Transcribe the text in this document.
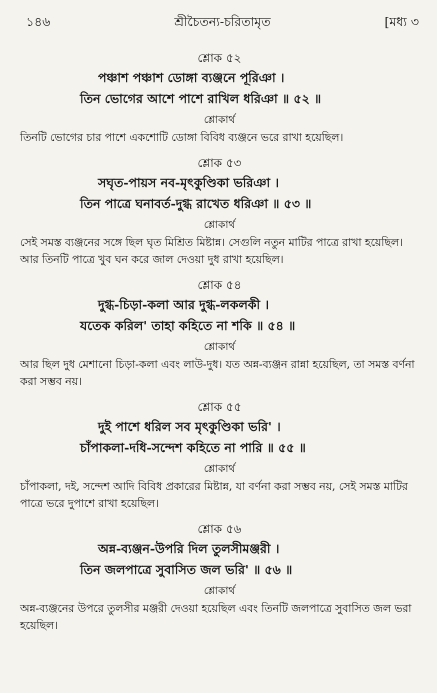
১৪৬	শ্রীচৈতন্য-চরিতামৃত	[মধ্য ৩
শ্লোক ৫২
পঞ্চাশ পঞ্চাশ ডোঙ্গা ব্যঞ্জনে পূরিঞা ।
তিন ভোগের আশে পাশে রাখিল ধরিঞা ॥ ৫২ ॥
শ্লোকার্থ
তিনটি ভোগের চার পাশে একশোটি ডোঙ্গা বিবিধ ব্যঞ্জনে ভরে রাখা হয়েছিল।
শ্লোক ৫৩
সঘৃত-পায়স নব-মৃৎকুণ্ডিকা ভরিঞা ।
তিন পাত্রে ঘনাবর্ত-দুগ্ধ রাখেত ধরিঞা ॥ ৫৩ ॥
শ্লোকার্থ
সেই সমস্ত ব্যঞ্জনের সঙ্গে ছিল ঘৃত মিশ্রিত মিষ্টান্ন। সেগুলি নতুন মাটির পাত্রে রাখা হয়েছিল। আর তিনটি পাত্রে খুব ঘন করে জাল দেওয়া দুধ রাখা হয়েছিল।
শ্লোক ৫৪
দুগ্ধ-চিড়া-কলা আর দুগ্ধ-লকলকী ।
যতেক করিল' তাহা কহিতে না শকি ॥ ৫৪ ॥
শ্লোকার্থ
আর ছিল দুধ মেশানো চিড়া-কলা এবং লাউ-দুধ। যত অন্ন-ব্যঞ্জন রান্না হয়েছিল, তা সমস্ত বর্ণনা করা সম্ভব নয়।
শ্লোক ৫৫
দুই পাশে ধরিল সব মৃৎকুণ্ডিকা ভরি' ।
চাঁপাকলা-দধি-সন্দেশ কহিতে না পারি ॥ ৫৫ ॥
শ্লোকার্থ
চাঁপাকলা, দই, সন্দেশ আদি বিবিধ প্রকারের মিষ্টান্ন, যা বর্ণনা করা সম্ভব নয়, সেই সমস্ত মাটির পাত্রে ভরে দুপাশে রাখা হয়েছিল।
শ্লোক ৫৬
অন্ন-ব্যঞ্জন-উপরি দিল তুলসীমঞ্জরী ।
তিন জলপাত্রে সুবাসিত জল ভরি' ॥ ৫৬ ॥
শ্লোকার্থ
অন্ন-ব্যঞ্জনের উপরে তুলসীর মঞ্জরী দেওয়া হয়েছিল এবং তিনটি জলপাত্রে সুবাসিত জল ভরা হয়েছিল।
